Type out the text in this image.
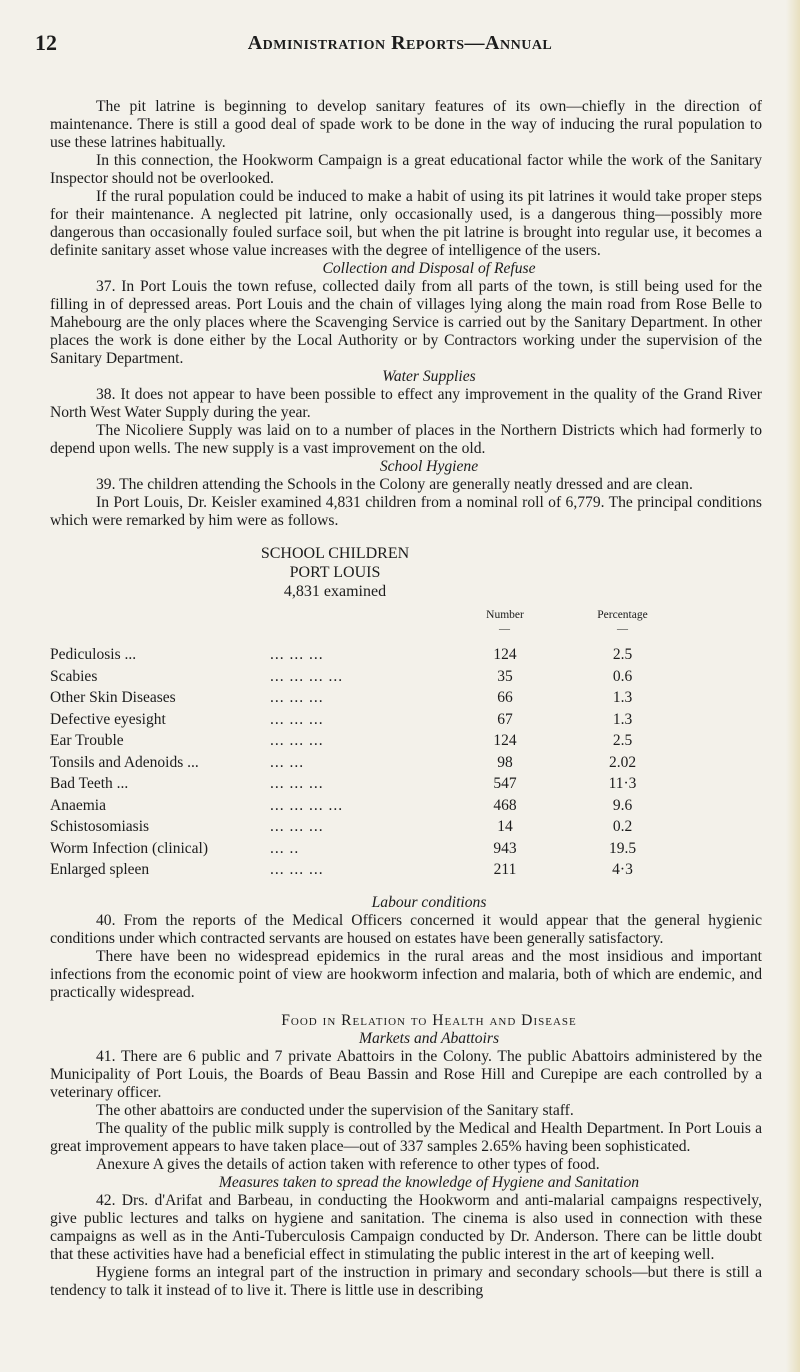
12	Administration Reports—Annual

The pit latrine is beginning to develop sanitary features of its own—chiefly in the direction of maintenance. There is still a good deal of spade work to be done in the way of inducing the rural population to use these latrines habitually.

In this connection, the Hookworm Campaign is a great educational factor while the work of the Sanitary Inspector should not be overlooked.

If the rural population could be induced to make a habit of using its pit latrines it would take proper steps for their maintenance. A neglected pit latrine, only occasionally used, is a dangerous thing—possibly more dangerous than occasionally fouled surface soil, but when the pit latrine is brought into regular use, it becomes a definite sanitary asset whose value increases with the degree of intelligence of the users.

Collection and Disposal of Refuse

37. In Port Louis the town refuse, collected daily from all parts of the town, is still being used for the filling in of depressed areas. Port Louis and the chain of villages lying along the main road from Rose Belle to Mahebourg are the only places where the Scavenging Service is carried out by the Sanitary Department. In other places the work is done either by the Local Authority or by Contractors working under the supervision of the Sanitary Department.

Water Supplies

38. It does not appear to have been possible to effect any improvement in the quality of the Grand River North West Water Supply during the year.

The Nicoliere Supply was laid on to a number of places in the Northern Districts which had formerly to depend upon wells. The new supply is a vast improvement on the old.

School Hygiene

39. The children attending the Schools in the Colony are generally neatly dressed and are clean.

In Port Louis, Dr. Keisler examined 4,831 children from a nominal roll of 6,779. The principal conditions which were remarked by him were as follows.

SCHOOL CHILDREN
PORT LOUIS
4,831 examined
Number	Percentage
—	—
Pediculosis ...	... ... ...	124	2.5
Scabies	... ... ... ...	35	0.6
Other Skin Diseases	... ... ...	66	1.3
Defective eyesight	... ... ...	67	1.3
Ear Trouble	... ... ...	124	2.5
Tonsils and Adenoids ...	... ...	98	2.02
Bad Teeth ...	... ... ...	547	11·3
Anaemia	... ... ... ...	468	9.6
Schistosomiasis	... ... ...	14	0.2
Worm Infection (clinical)	... ..	943	19.5
Enlarged spleen	... ... ...	211	4·3

Labour conditions

40. From the reports of the Medical Officers concerned it would appear that the general hygienic conditions under which contracted servants are housed on estates have been generally satisfactory.

There have been no widespread epidemics in the rural areas and the most insidious and important infections from the economic point of view are hookworm infection and malaria, both of which are endemic, and practically widespread.

Food in Relation to Health and Disease

Markets and Abattoirs

41. There are 6 public and 7 private Abattoirs in the Colony. The public Abattoirs administered by the Municipality of Port Louis, the Boards of Beau Bassin and Rose Hill and Curepipe are each controlled by a veterinary officer.

The other abattoirs are conducted under the supervision of the Sanitary staff.

The quality of the public milk supply is controlled by the Medical and Health Department. In Port Louis a great improvement appears to have taken place—out of 337 samples 2.65% having been sophisticated.

Anexure A gives the details of action taken with reference to other types of food.

Measures taken to spread the knowledge of Hygiene and Sanitation

42. Drs. d'Arifat and Barbeau, in conducting the Hookworm and anti-malarial campaigns respectively, give public lectures and talks on hygiene and sanitation. The cinema is also used in connection with these campaigns as well as in the Anti-Tuberculosis Campaign conducted by Dr. Anderson. There can be little doubt that these activities have had a beneficial effect in stimulating the public interest in the art of keeping well.

Hygiene forms an integral part of the instruction in primary and secondary schools—but there is still a tendency to talk it instead of to live it. There is little use in describing
